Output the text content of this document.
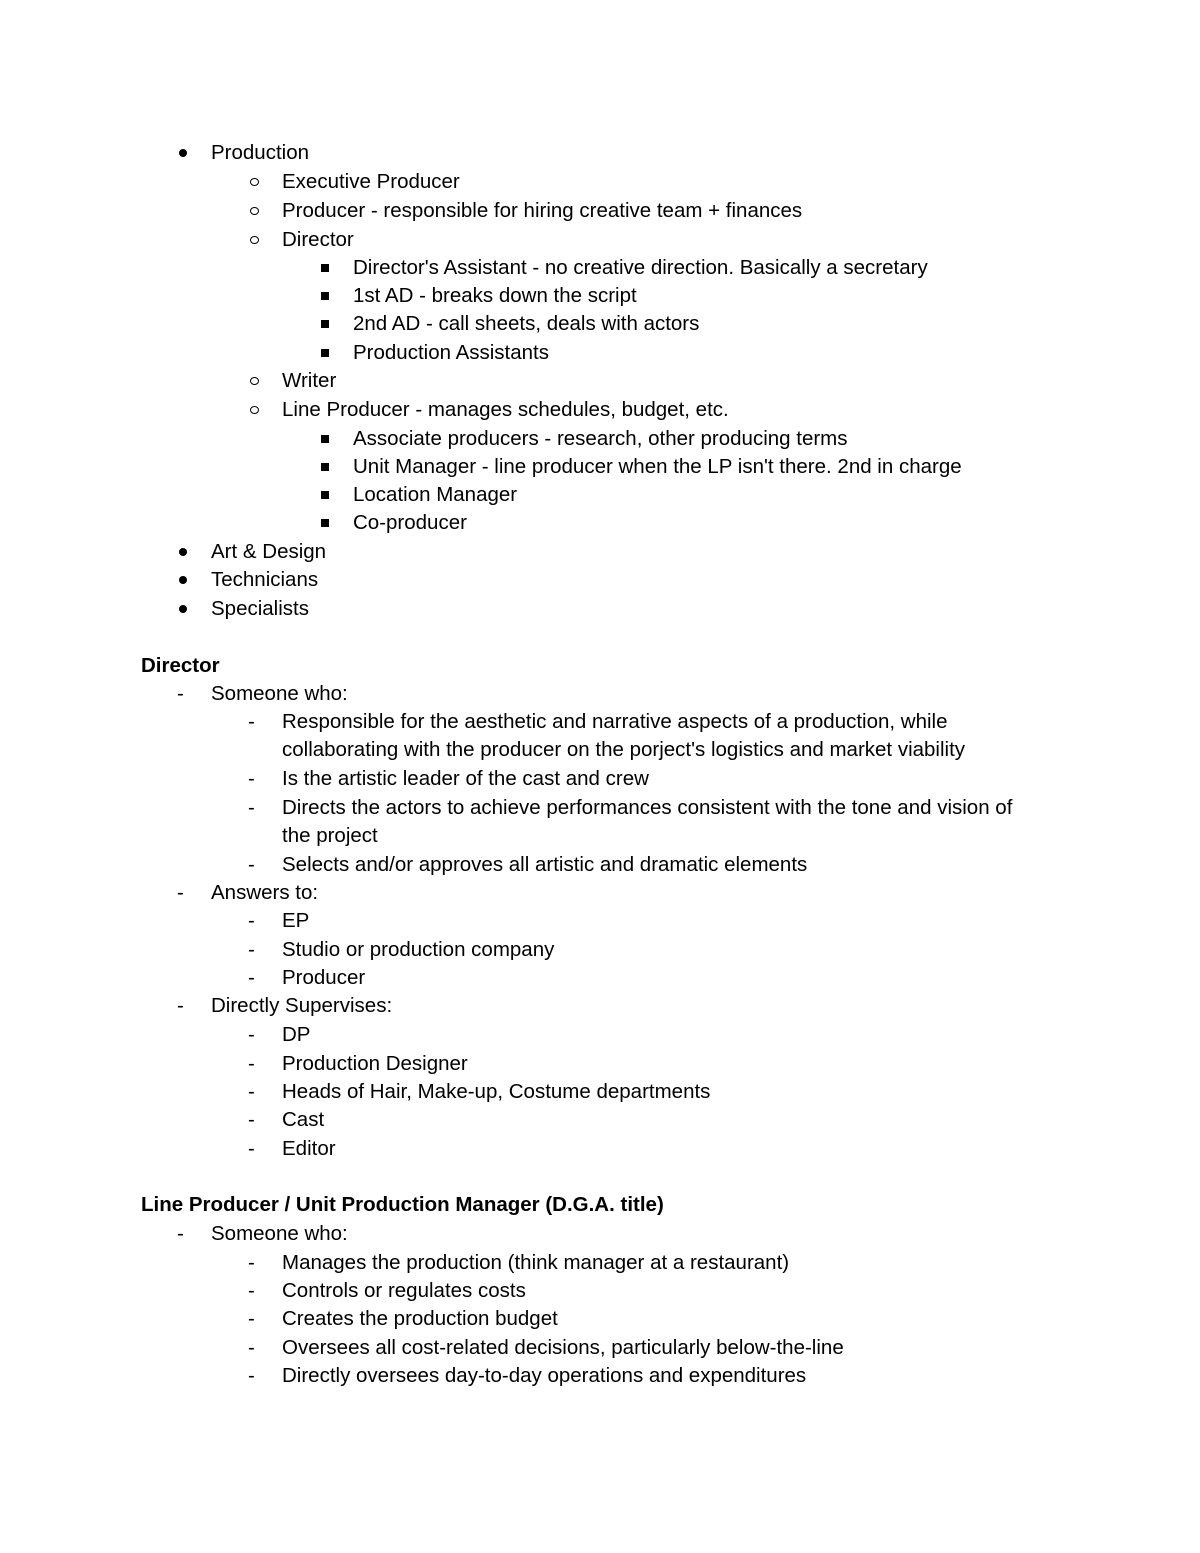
Production
Executive Producer
Producer - responsible for hiring creative team + finances
Director
Director's Assistant - no creative direction. Basically a secretary
1st AD - breaks down the script
2nd AD - call sheets, deals with actors
Production Assistants
Writer
Line Producer - manages schedules, budget, etc.
Associate producers - research, other producing terms
Unit Manager - line producer when the LP isn't there. 2nd in charge
Location Manager
Co-producer
Art & Design
Technicians
Specialists
Director
-
Someone who:
-
Responsible for the aesthetic and narrative aspects of a production, while
collaborating with the producer on the porject's logistics and market viability
-
Is the artistic leader of the cast and crew
-
Directs the actors to achieve performances consistent with the tone and vision of
the project
-
Selects and/or approves all artistic and dramatic elements
-
Answers to:
-
EP
-
Studio or production company
-
Producer
-
Directly Supervises:
-
DP
-
Production Designer
-
Heads of Hair, Make-up, Costume departments
-
Cast
-
Editor
Line Producer / Unit Production Manager (D.G.A. title)
-
Someone who:
-
Manages the production (think manager at a restaurant)
-
Controls or regulates costs
-
Creates the production budget
-
Oversees all cost-related decisions, particularly below-the-line
-
Directly oversees day-to-day operations and expenditures
